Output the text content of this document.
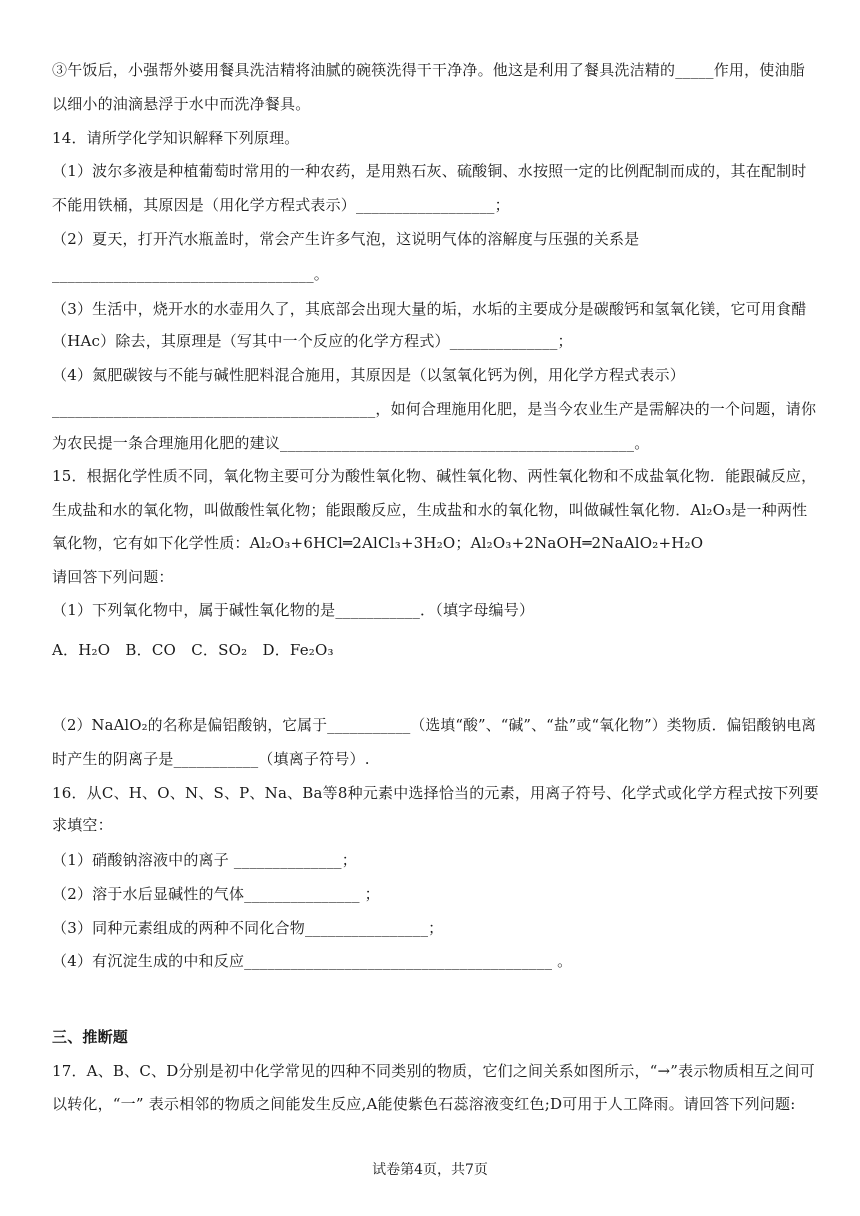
③午饭后，小强帮外婆用餐具洗洁精将油腻的碗筷洗得干干净净。他这是利用了餐具洗洁精的_____作用，使油脂
以细小的油滴悬浮于水中而洗净餐具。
14．请所学化学知识解释下列原理。
（1）波尔多液是种植葡萄时常用的一种农药，是用熟石灰、硫酸铜、水按照一定的比例配制而成的，其在配制时
不能用铁桶，其原因是（用化学方程式表示）__________________；
（2）夏天，打开汽水瓶盖时，常会产生许多气泡，这说明气体的溶解度与压强的关系是
__________________________________。
（3）生活中，烧开水的水壶用久了，其底部会出现大量的垢，水垢的主要成分是碳酸钙和氢氧化镁，它可用食醋
（HAc）除去，其原理是（写其中一个反应的化学方程式）______________；
（4）氮肥碳铵与不能与碱性肥料混合施用，其原因是（以氢氧化钙为例，用化学方程式表示）
__________________________________________，如何合理施用化肥，是当今农业生产是需解决的一个问题，请你
为农民提一条合理施用化肥的建议______________________________________________。
15．根据化学性质不同，氧化物主要可分为酸性氧化物、碱性氧化物、两性氧化物和不成盐氧化物．能跟碱反应，
生成盐和水的氧化物，叫做酸性氧化物；能跟酸反应，生成盐和水的氧化物，叫做碱性氧化物．Al₂O₃是一种两性
氧化物，它有如下化学性质：Al₂O₃+6HCl═2AlCl₃+3H₂O；Al₂O₃+2NaOH═2NaAlO₂+H₂O
请回答下列问题：
（1）下列氧化物中，属于碱性氧化物的是___________．（填字母编号）
A．H₂O　B．CO　C．SO₂　D．Fe₂O₃
（2）NaAlO₂的名称是偏铝酸钠，它属于___________（选填“酸”、“碱”、“盐”或“氧化物”）类物质．偏铝酸钠电离
时产生的阴离子是___________（填离子符号）.
16．从C、H、O、N、S、P、Na、Ba等8种元素中选择恰当的元素，用离子符号、化学式或化学方程式按下列要
求填空：
（1）硝酸钠溶液中的离子 ______________；
（2）溶于水后显碱性的气体_______________ ；
（3）同种元素组成的两种不同化合物________________；
（4）有沉淀生成的中和反应________________________________________ 。
三、推断题
17．A、B、C、D分别是初中化学常见的四种不同类别的物质，它们之间关系如图所示，“→”表示物质相互之间可
以转化，“一” 表示相邻的物质之间能发生反应,A能使紫色石蕊溶液变红色;D可用于人工降雨。请回答下列问题:
试卷第4页，共7页
